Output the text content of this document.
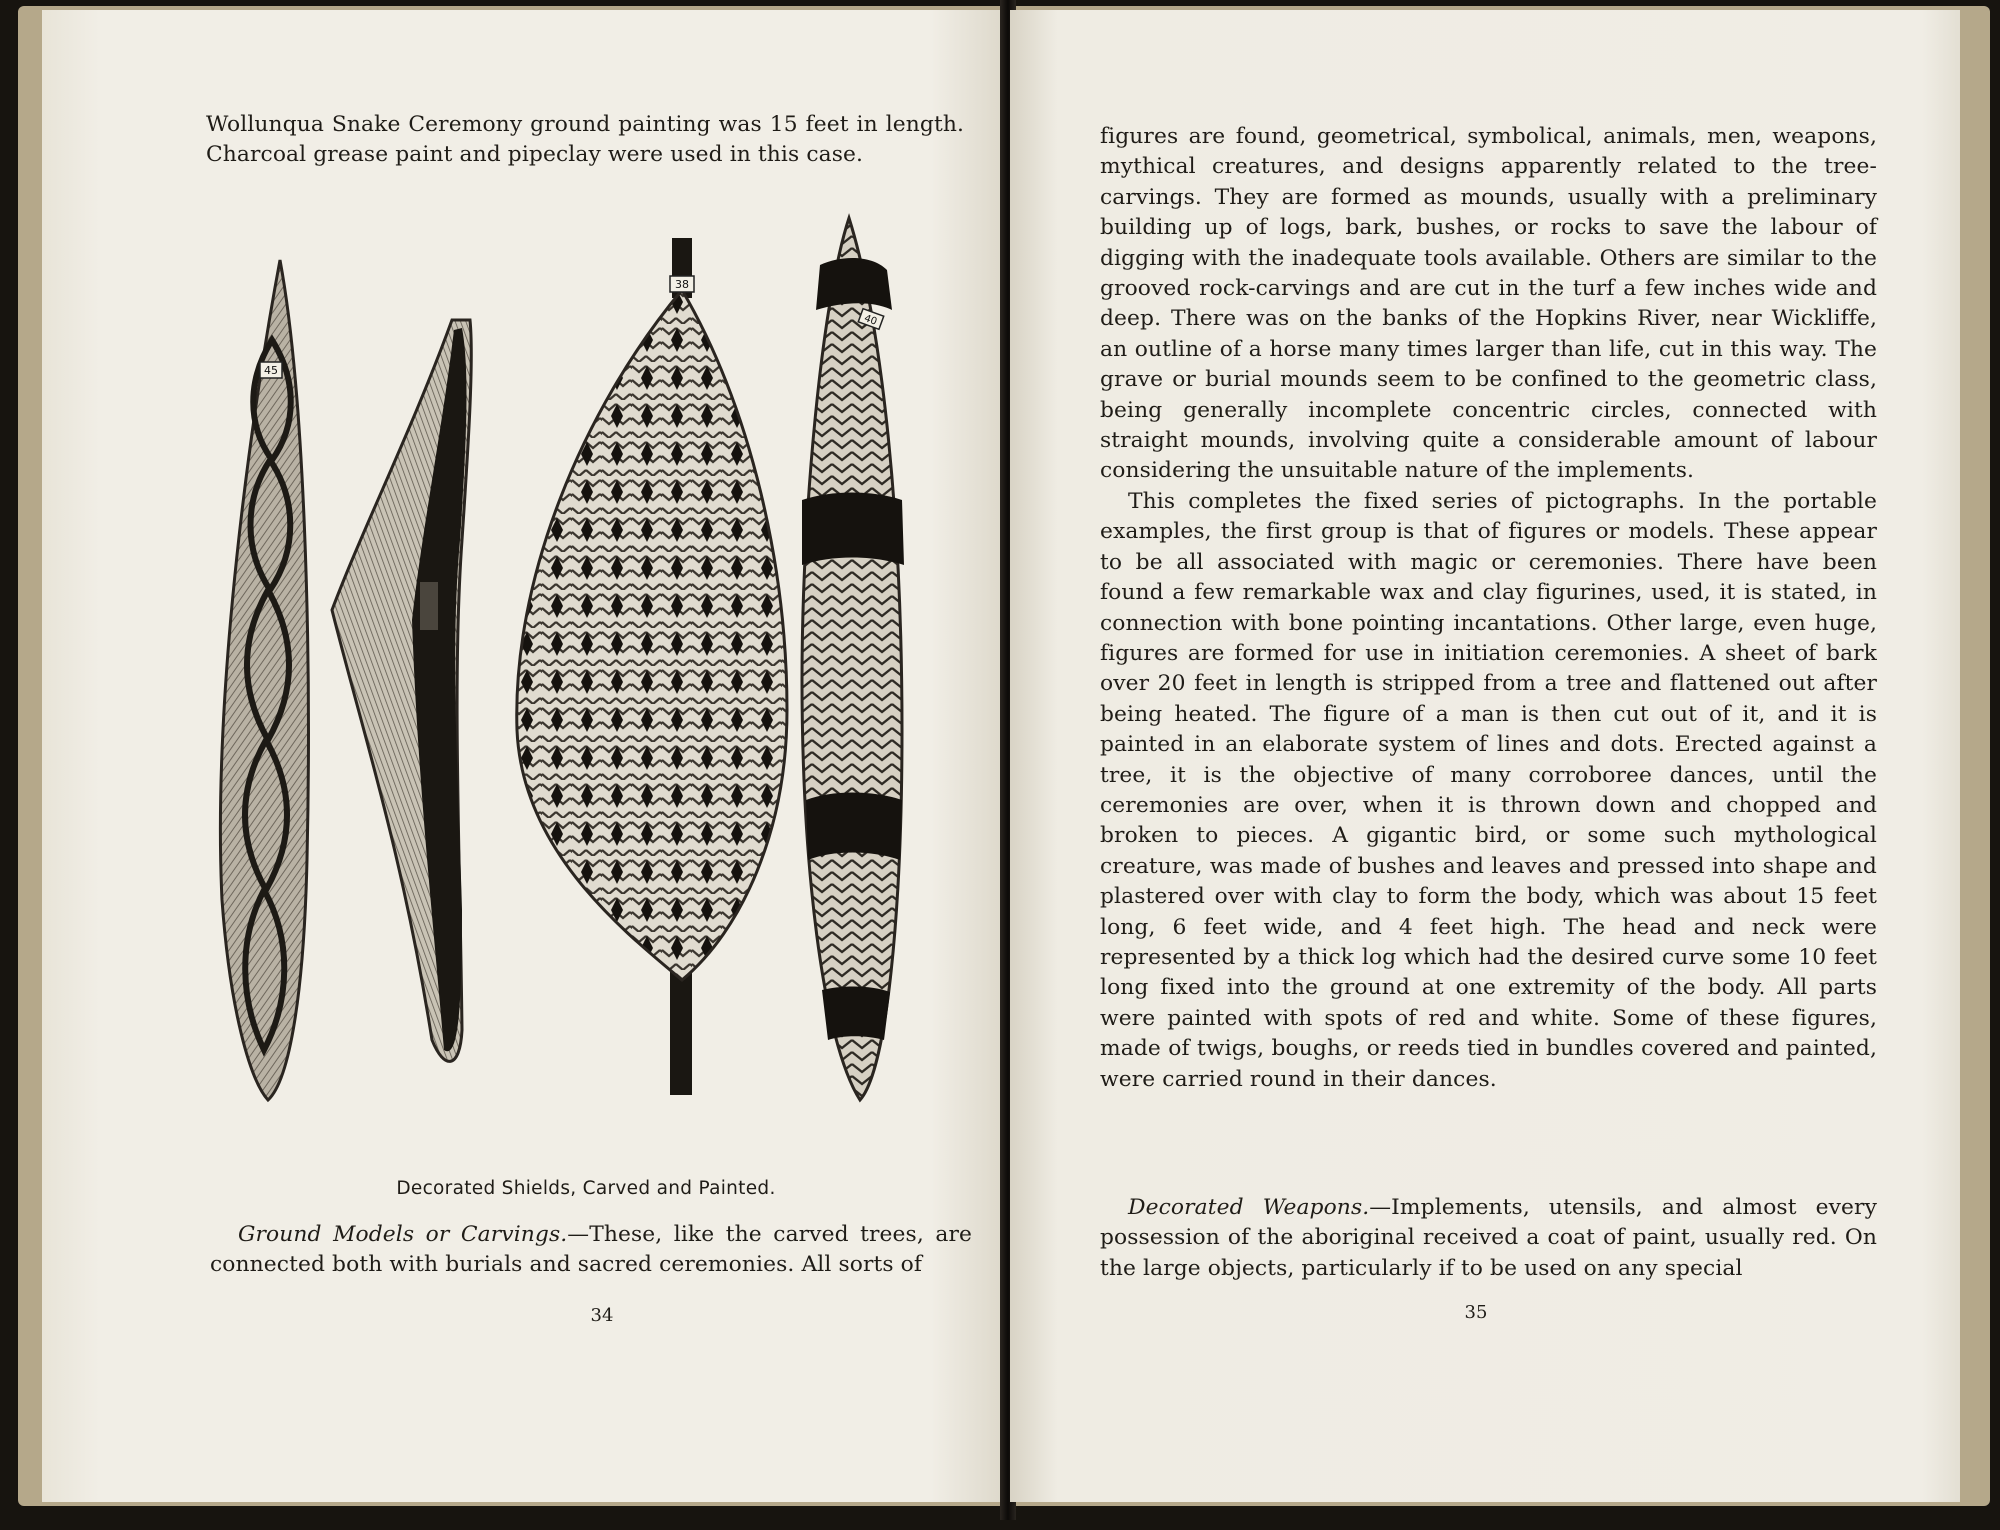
Wollunqua Snake Ceremony ground painting was 15 feet in length. Charcoal grease paint and pipeclay were used in this case.

45
38
40
Decorated Shields, Carved and Painted.

Ground Models or Carvings.—These, like the carved trees, are connected both with burials and sacred ceremonies. All sorts of

34

figures are found, geometrical, symbolical, animals, men, weapons, mythical creatures, and designs apparently related to the tree-carvings. They are formed as mounds, usually with a preliminary building up of logs, bark, bushes, or rocks to save the labour of digging with the inadequate tools available. Others are similar to the grooved rock-carvings and are cut in the turf a few inches wide and deep. There was on the banks of the Hopkins River, near Wickliffe, an outline of a horse many times larger than life, cut in this way. The grave or burial mounds seem to be confined to the geometric class, being generally incomplete concentric circles, connected with straight mounds, involving quite a considerable amount of labour considering the unsuitable nature of the implements.

This completes the fixed series of pictographs. In the portable examples, the first group is that of figures or models. These appear to be all associated with magic or ceremonies. There have been found a few remarkable wax and clay figurines, used, it is stated, in connection with bone pointing incantations. Other large, even huge, figures are formed for use in initiation ceremonies. A sheet of bark over 20 feet in length is stripped from a tree and flattened out after being heated. The figure of a man is then cut out of it, and it is painted in an elaborate system of lines and dots. Erected against a tree, it is the objective of many corroboree dances, until the ceremonies are over, when it is thrown down and chopped and broken to pieces. A gigantic bird, or some such mythological creature, was made of bushes and leaves and pressed into shape and plastered over with clay to form the body, which was about 15 feet long, 6 feet wide, and 4 feet high. The head and neck were represented by a thick log which had the desired curve some 10 feet long fixed into the ground at one extremity of the body. All parts were painted with spots of red and white. Some of these figures, made of twigs, boughs, or reeds tied in bundles covered and painted, were carried round in their dances.

Decorated Weapons.—Implements, utensils, and almost every possession of the aboriginal received a coat of paint, usually red. On the large objects, particularly if to be used on any special

35
